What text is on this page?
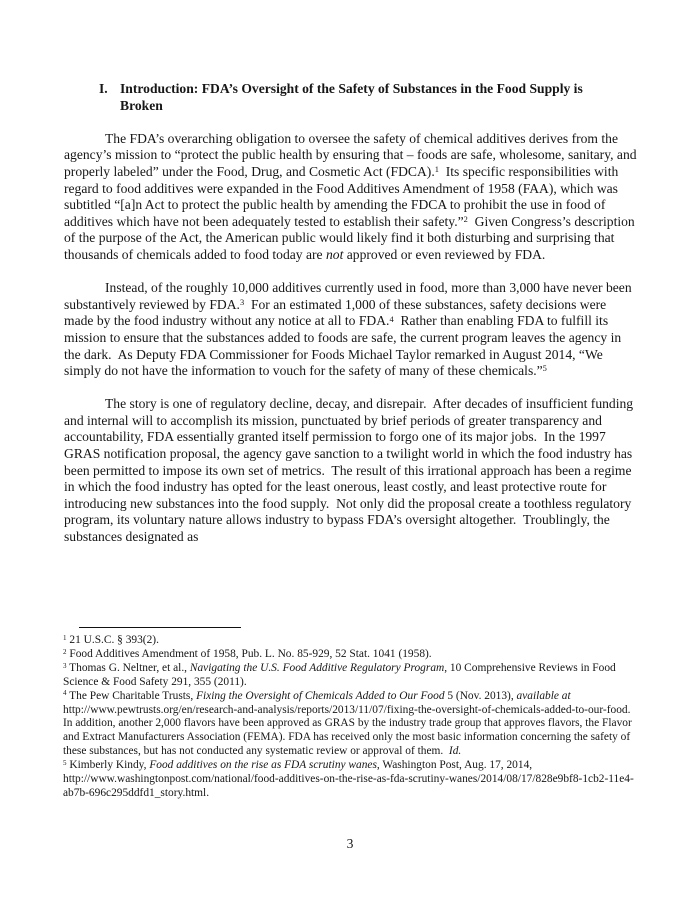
I. Introduction: FDA’s Oversight of the Safety of Substances in the Food Supply is Broken
The FDA’s overarching obligation to oversee the safety of chemical additives derives from the agency’s mission to “protect the public health by ensuring that – foods are safe, wholesome, sanitary, and properly labeled” under the Food, Drug, and Cosmetic Act (FDCA).$^1$  Its specific responsibilities with regard to food additives were expanded in the Food Additives Amendment of 1958 (FAA), which was subtitled “[a]n Act to protect the public health by amending the FDCA to prohibit the use in food of additives which have not been adequately tested to establish their safety.”$^2$  Given Congress’s description of the purpose of the Act, the American public would likely find it both disturbing and surprising that thousands of chemicals added to food today are not approved or even reviewed by FDA.
Instead, of the roughly 10,000 additives currently used in food, more than 3,000 have never been substantively reviewed by FDA.$^3$  For an estimated 1,000 of these substances, safety decisions were made by the food industry without any notice at all to FDA.$^4$  Rather than enabling FDA to fulfill its mission to ensure that the substances added to foods are safe, the current program leaves the agency in the dark.  As Deputy FDA Commissioner for Foods Michael Taylor remarked in August 2014, “We simply do not have the information to vouch for the safety of many of these chemicals.”$^5$
The story is one of regulatory decline, decay, and disrepair.  After decades of insufficient funding and internal will to accomplish its mission, punctuated by brief periods of greater transparency and accountability, FDA essentially granted itself permission to forgo one of its major jobs.  In the 1997 GRAS notification proposal, the agency gave sanction to a twilight world in which the food industry has been permitted to impose its own set of metrics.  The result of this irrational approach has been a regime in which the food industry has opted for the least onerous, least costly, and least protective route for introducing new substances into the food supply.  Not only did the proposal create a toothless regulatory program, its voluntary nature allows industry to bypass FDA’s oversight altogether.  Troublingly, the substances designated as
$^1$ 21 U.S.C. § 393(2).
$^2$ Food Additives Amendment of 1958, Pub. L. No. 85-929, 52 Stat. 1041 (1958).
$^3$ Thomas G. Neltner, et al., Navigating the U.S. Food Additive Regulatory Program, 10 Comprehensive Reviews in Food Science & Food Safety 291, 355 (2011).
$^4$ The Pew Charitable Trusts, Fixing the Oversight of Chemicals Added to Our Food 5 (Nov. 2013), available at http://www.pewtrusts.org/en/research-and-analysis/reports/2013/11/07/fixing-the-oversight-of-chemicals-added-to-our-food. In addition, another 2,000 flavors have been approved as GRAS by the industry trade group that approves flavors, the Flavor and Extract Manufacturers Association (FEMA). FDA has received only the most basic information concerning the safety of these substances, but has not conducted any systematic review or approval of them.  Id.
$^5$ Kimberly Kindy, Food additives on the rise as FDA scrutiny wanes, Washington Post, Aug. 17, 2014, http://www.washingtonpost.com/national/food-additives-on-the-rise-as-fda-scrutiny-wanes/2014/08/17/828e9bf8-1cb2-11e4-ab7b-696c295ddfd1_story.html.
3
